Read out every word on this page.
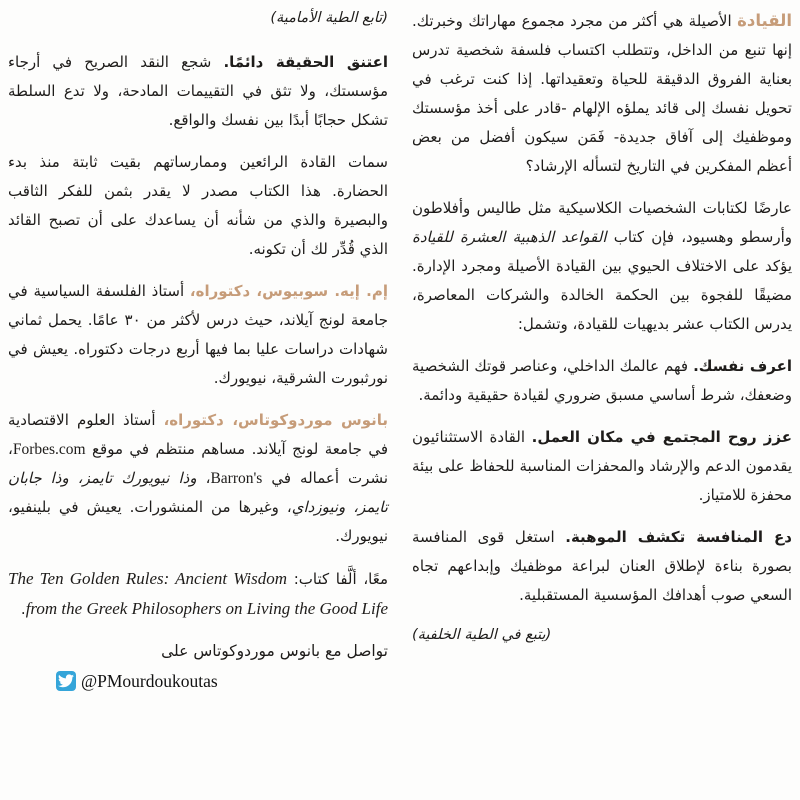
القيادة الأصيلة هي أكثر من مجرد مجموع مهاراتك وخبرتك. إنها تنبع من الداخل، وتتطلب اكتساب فلسفة شخصية تدرس بعناية الفروق الدقيقة للحياة وتعقيداتها. إذا كنت ترغب في تحويل نفسك إلى قائد يملؤه الإلهام -قادر على أخذ مؤسستك وموظفيك إلى آفاق جديدة- فَمَن سيكون أفضل من بعض أعظم المفكرين في التاريخ لتسأله الإرشاد؟

عارضًا لكتابات الشخصيات الكلاسيكية مثل طاليس وأفلاطون وأرسطو وهسيود، فإن كتاب القواعد الذهبية العشرة للقيادة يؤكد على الاختلاف الحيوي بين القيادة الأصيلة ومجرد الإدارة. مضيقًا للفجوة بين الحكمة الخالدة والشركات المعاصرة، يدرس الكتاب عشر بديهيات للقيادة، وتشمل:

اعرف نفسك. فهم عالمك الداخلي، وعناصر قوتك الشخصية وضعفك، شرط أساسي مسبق ضروري لقيادة حقيقية ودائمة.

عزز روح المجتمع في مكان العمل. القادة الاستثنائيون يقدمون الدعم والإرشاد والمحفزات المناسبة للحفاظ على بيئة محفزة للامتياز.

دع المنافسة تكشف الموهبة. استغل قوى المنافسة بصورة بناءة لإطلاق العنان لبراعة موظفيك وإبداعهم تجاه السعي صوب أهدافك المؤسسية المستقبلية.

(يتبع في الطية الخلفية)

(تابع الطية الأمامية)

اعتنق الحقيقة دائمًا. شجع النقد الصريح في أرجاء مؤسستك، ولا تثق في التقييمات المادحة، ولا تدع السلطة تشكل حجابًا أبدًا بين نفسك والواقع.

سمات القادة الرائعين وممارساتهم بقيت ثابتة منذ بدء الحضارة. هذا الكتاب مصدر لا يقدر بثمن للفكر الثاقب والبصيرة والذي من شأنه أن يساعدك على أن تصبح القائد الذي قُدِّر لك أن تكونه.

إم. إيه. سوبيوس، دكتوراه، أستاذ الفلسفة السياسية في جامعة لونج آيلاند، حيث درس لأكثر من ٣٠ عامًا. يحمل ثماني شهادات دراسات عليا بما فيها أربع درجات دكتوراه. يعيش في نورثبورت الشرقية، نيويورك.

بانوس موردوكوتاس، دكتوراه، أستاذ العلوم الاقتصادية في جامعة لونج آيلاند. مساهم منتظم في موقع Forbes.com، نشرت أعماله في Barron's، وذا نيويورك تايمز، وذا جابان تايمز، ونيوزداي، وغيرها من المنشورات. يعيش في بلينفيو، نيويورك.

معًا، ألَّفا كتاب: The Ten Golden Rules: Ancient Wisdom from the Greek Philosophers on Living the Good Life.

تواصل مع بانوس موردوكوتاس على

@PMourdoukoutas
